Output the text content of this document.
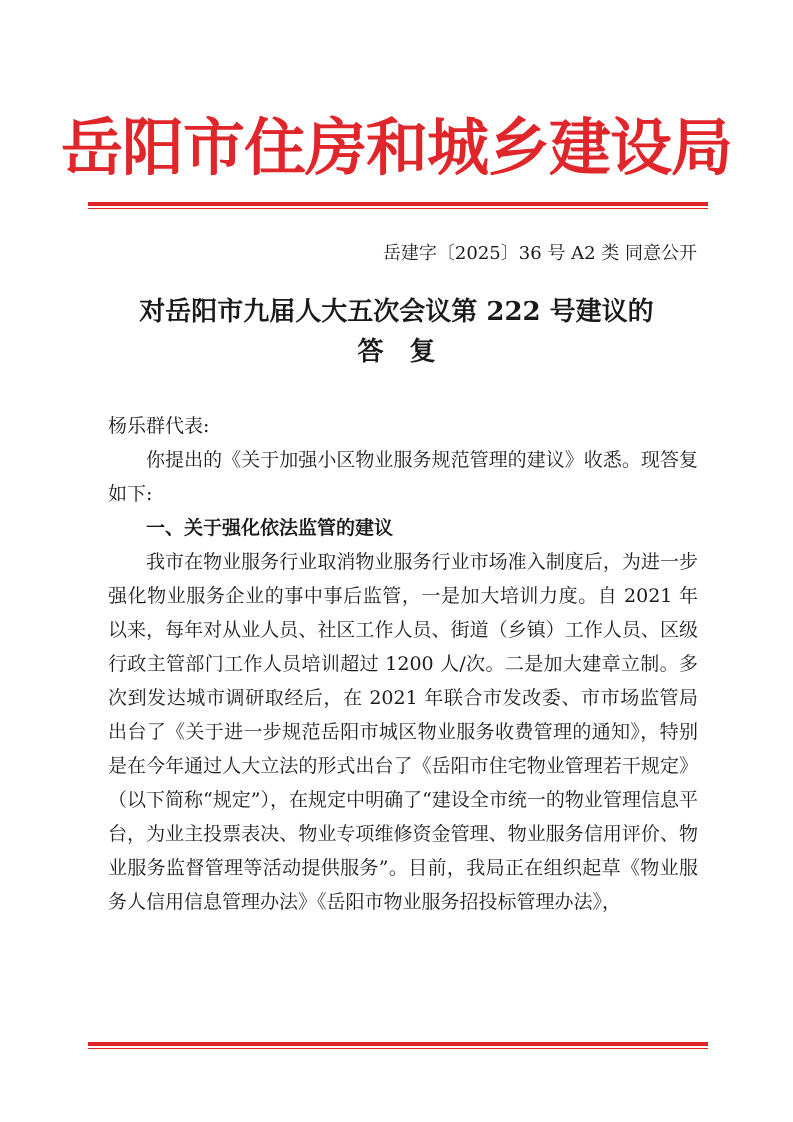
岳阳市住房和城乡建设局
岳建字〔2025〕36 号 A2 类 同意公开
对岳阳市九届人大五次会议第 222 号建议的
答复

杨乐群代表:

你提出的《关于加强小区物业服务规范管理的建议》收悉。现答复如下:

一、关于强化依法监管的建议

我市在物业服务行业取消物业服务行业市场准入制度后，为进一步强化物业服务企业的事中事后监管，一是加大培训力度。自 2021 年以来，每年对从业人员、社区工作人员、街道（乡镇）工作人员、区级行政主管部门工作人员培训超过 1200 人/次。二是加大建章立制。多次到发达城市调研取经后，在 2021 年联合市发改委、市市场监管局出台了《关于进一步规范岳阳市城区物业服务收费管理的通知》，特别是在今年通过人大立法的形式出台了《岳阳市住宅物业管理若干规定》（以下简称“规定”），在规定中明确了“建设全市统一的物业管理信息平台，为业主投票表决、物业专项维修资金管理、物业服务信用评价、物业服务监督管理等活动提供服务”。目前，我局正在组织起草《物业服务人信用信息管理办法》《岳阳市物业服务招投标管理办法》，
